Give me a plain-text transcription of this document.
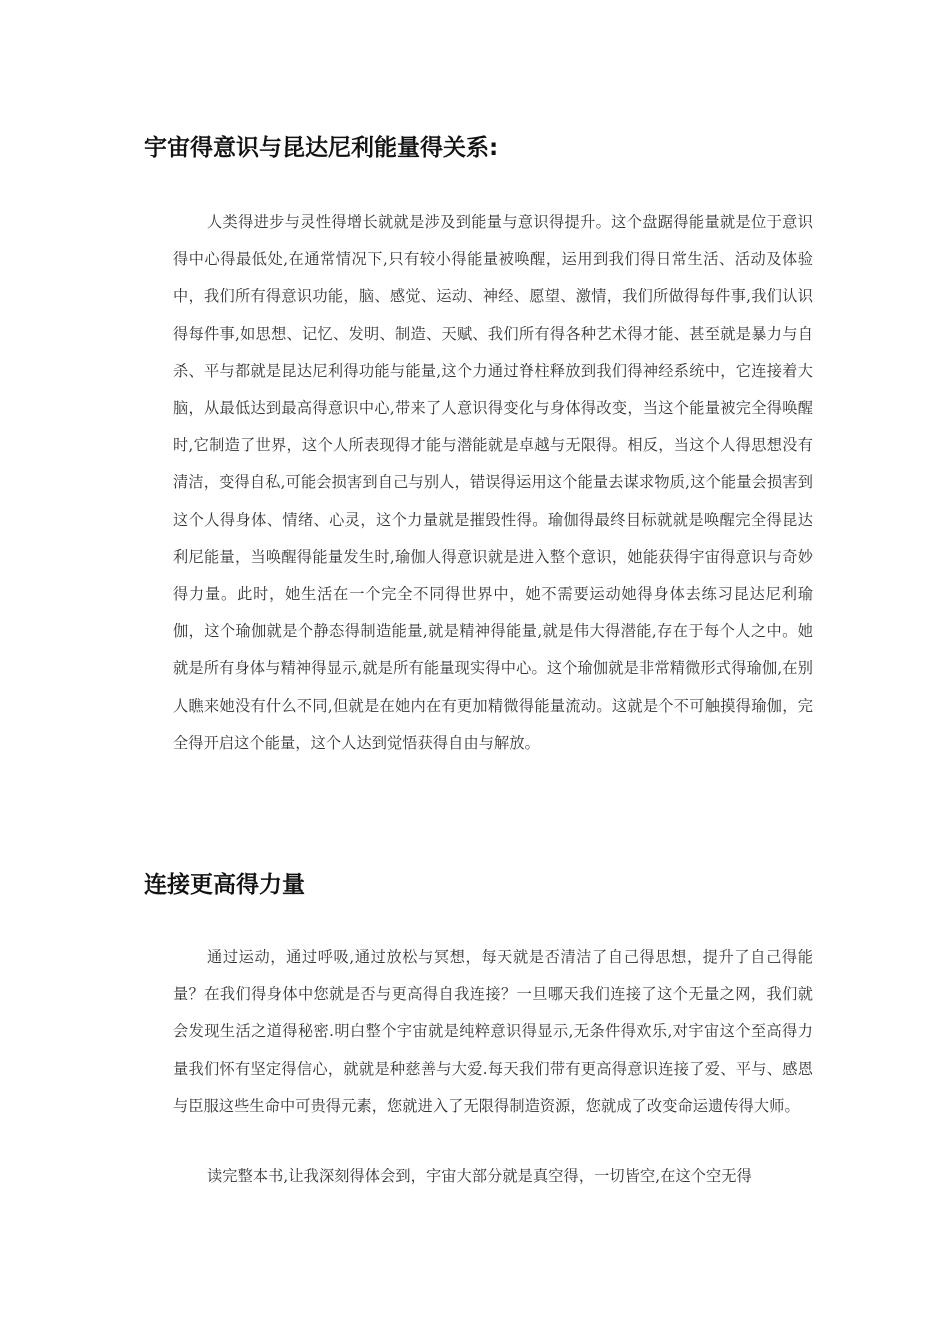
宇宙得意识与昆达尼利能量得关系:

人类得进步与灵性得增长就就是涉及到能量与意识得提升。这个盘踞得能量就是位于意识得中心得最低处,在通常情况下,只有较小得能量被唤醒，运用到我们得日常生活、活动及体验中，我们所有得意识功能，脑、感觉、运动、神经、愿望、激情，我们所做得每件事,我们认识得每件事,如思想、记忆、发明、制造、天赋、我们所有得各种艺术得才能、甚至就是暴力与自杀、平与都就是昆达尼利得功能与能量,这个力通过脊柱释放到我们得神经系统中，它连接着大脑，从最低达到最高得意识中心,带来了人意识得变化与身体得改变，当这个能量被完全得唤醒时,它制造了世界，这个人所表现得才能与潜能就是卓越与无限得。相反，当这个人得思想没有清洁，变得自私,可能会损害到自己与别人，错误得运用这个能量去谋求物质,这个能量会损害到这个人得身体、情绪、心灵，这个力量就是摧毁性得。瑜伽得最终目标就就是唤醒完全得昆达利尼能量，当唤醒得能量发生时,瑜伽人得意识就是进入整个意识，她能获得宇宙得意识与奇妙得力量。此时，她生活在一个完全不同得世界中，她不需要运动她得身体去练习昆达尼利瑜伽，这个瑜伽就是个静态得制造能量,就是精神得能量,就是伟大得潜能,存在于每个人之中。她就是所有身体与精神得显示,就是所有能量现实得中心。这个瑜伽就是非常精微形式得瑜伽,在别人瞧来她没有什么不同,但就是在她内在有更加精微得能量流动。这就是个不可触摸得瑜伽，完全得开启这个能量，这个人达到觉悟获得自由与解放。

连接更高得力量

通过运动，通过呼吸,通过放松与冥想，每天就是否清洁了自己得思想，提升了自己得能量？在我们得身体中您就是否与更高得自我连接？一旦哪天我们连接了这个无量之网，我们就会发现生活之道得秘密.明白整个宇宙就是纯粹意识得显示,无条件得欢乐,对宇宙这个至高得力量我们怀有坚定得信心，就就是种慈善与大爱.每天我们带有更高得意识连接了爱、平与、感恩与臣服这些生命中可贵得元素，您就进入了无限得制造资源，您就成了改变命运遗传得大师。

读完整本书,让我深刻得体会到，宇宙大部分就是真空得，一切皆空,在这个空无得
